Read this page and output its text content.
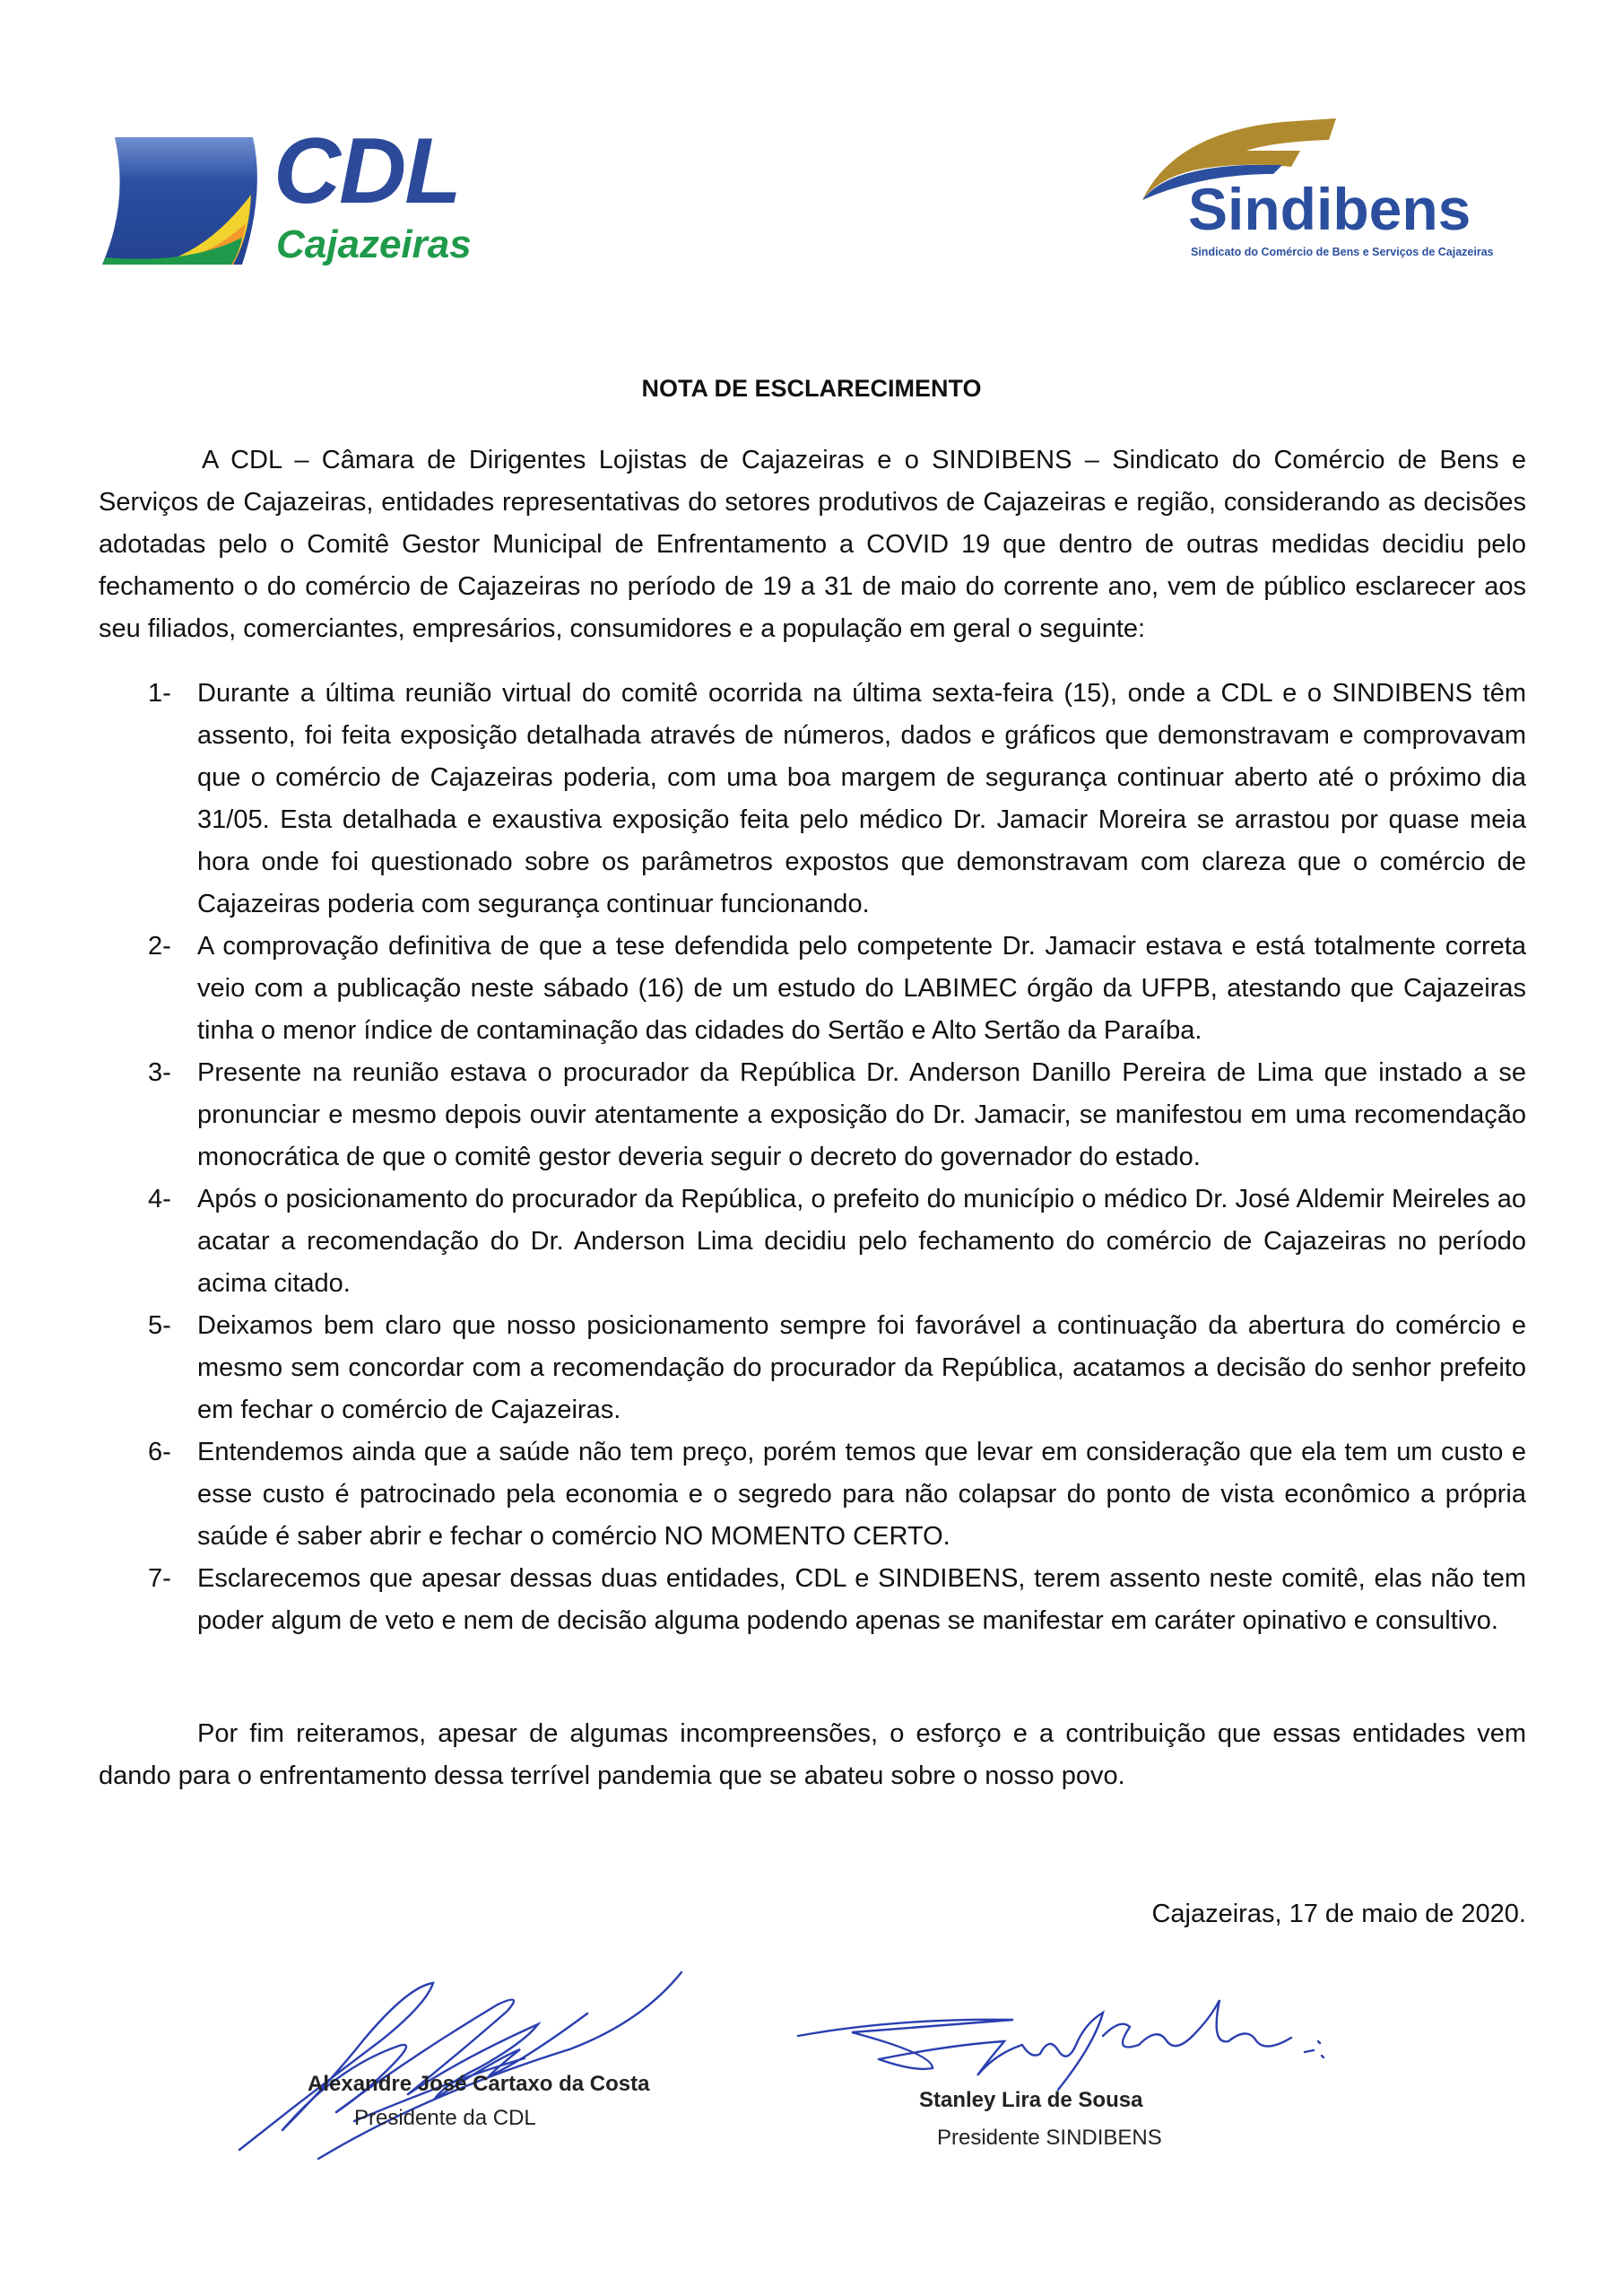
CDL
Cajazeiras
Sindibens
Sindicato do Comércio de Bens e Serviços de Cajazeiras
NOTA DE ESCLARECIMENTO

A CDL – Câmara de Dirigentes Lojistas de Cajazeiras e o SINDIBENS – Sindicato do Comércio de Bens e Serviços de Cajazeiras, entidades representativas do setores produtivos de Cajazeiras e região, considerando as decisões adotadas pelo o Comitê Gestor Municipal de Enfrentamento a COVID 19 que dentro de outras medidas decidiu pelo fechamento o do comércio de Cajazeiras no período de 19 a 31 de maio do corrente ano, vem de público esclarecer aos seu filiados, comerciantes, empresários, consumidores e a população em geral o seguinte:

1- Durante a última reunião virtual do comitê ocorrida na última sexta-feira (15), onde a CDL e o SINDIBENS têm assento, foi feita exposição detalhada através de números, dados e gráficos que demonstravam e comprovavam que o comércio de Cajazeiras poderia, com uma boa margem de segurança continuar aberto até o próximo dia 31/05. Esta detalhada e exaustiva exposição feita pelo médico Dr. Jamacir Moreira se arrastou por quase meia hora onde foi questionado sobre os parâmetros expostos que demonstravam com clareza que o comércio de Cajazeiras poderia com segurança continuar funcionando.
2- A comprovação definitiva de que a tese defendida pelo competente Dr. Jamacir estava e está totalmente correta veio com a publicação neste sábado (16) de um estudo do LABIMEC órgão da UFPB, atestando que Cajazeiras tinha o menor índice de contaminação das cidades do Sertão e Alto Sertão da Paraíba.
3- Presente na reunião estava o procurador da República Dr. Anderson Danillo Pereira de Lima que instado a se pronunciar e mesmo depois ouvir atentamente a exposição do Dr. Jamacir, se manifestou em uma recomendação monocrática de que o comitê gestor deveria seguir o decreto do governador do estado.
4- Após o posicionamento do procurador da República, o prefeito do município o médico Dr. José Aldemir Meireles ao acatar a recomendação do Dr. Anderson Lima decidiu pelo fechamento do comércio de Cajazeiras no período acima citado.
5- Deixamos bem claro que nosso posicionamento sempre foi favorável a continuação da abertura do comércio e mesmo sem concordar com a recomendação do procurador da República, acatamos a decisão do senhor prefeito em fechar o comércio de Cajazeiras.
6- Entendemos ainda que a saúde não tem preço, porém temos que levar em consideração que ela tem um custo e esse custo é patrocinado pela economia e o segredo para não colapsar do ponto de vista econômico a própria saúde é saber abrir e fechar o comércio NO MOMENTO CERTO.
7- Esclarecemos que apesar dessas duas entidades, CDL e SINDIBENS, terem assento neste comitê, elas não tem poder algum de veto e nem de decisão alguma podendo apenas se manifestar em caráter opinativo e consultivo.

Por fim reiteramos, apesar de algumas incompreensões, o esforço e a contribuição que essas entidades vem dando para o enfrentamento dessa terrível pandemia que se abateu sobre o nosso povo.

Cajazeiras, 17 de maio de 2020.
Alexandre José Cartaxo da Costa
Presidente da CDL
Stanley Lira de Sousa
Presidente SINDIBENS
